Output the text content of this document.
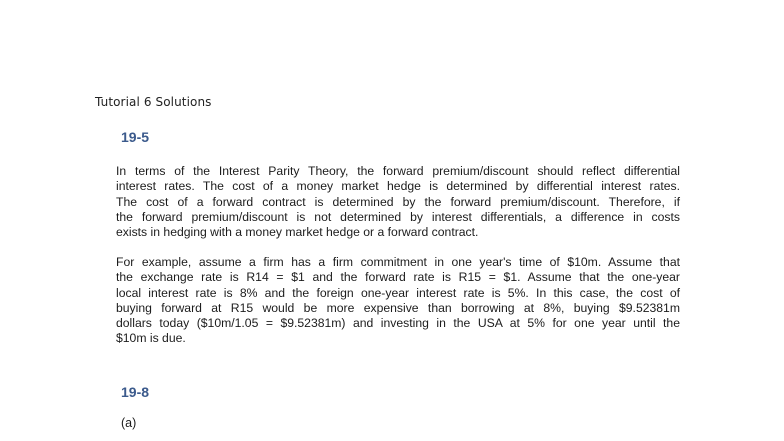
Tutorial 6 Solutions
19-5
In terms of the Interest Parity Theory, the forward premium/discount should reflect differential
interest rates. The cost of a money market hedge is determined by differential interest rates.
The cost of a forward contract is determined by the forward premium/discount. Therefore, if
the forward premium/discount is not determined by interest differentials, a difference in costs
exists in hedging with a money market hedge or a forward contract.
For example, assume a firm has a firm commitment in one year's time of $10m. Assume that
the exchange rate is R14 = $1 and the forward rate is R15 = $1. Assume that the one-year
local interest rate is 8% and the foreign one-year interest rate is 5%. In this case, the cost of
buying forward at R15 would be more expensive than borrowing at 8%, buying $9.52381m
dollars today ($10m/1.05 = $9.52381m) and investing in the USA at 5% for one year until the
$10m is due.
19-8
(a)
